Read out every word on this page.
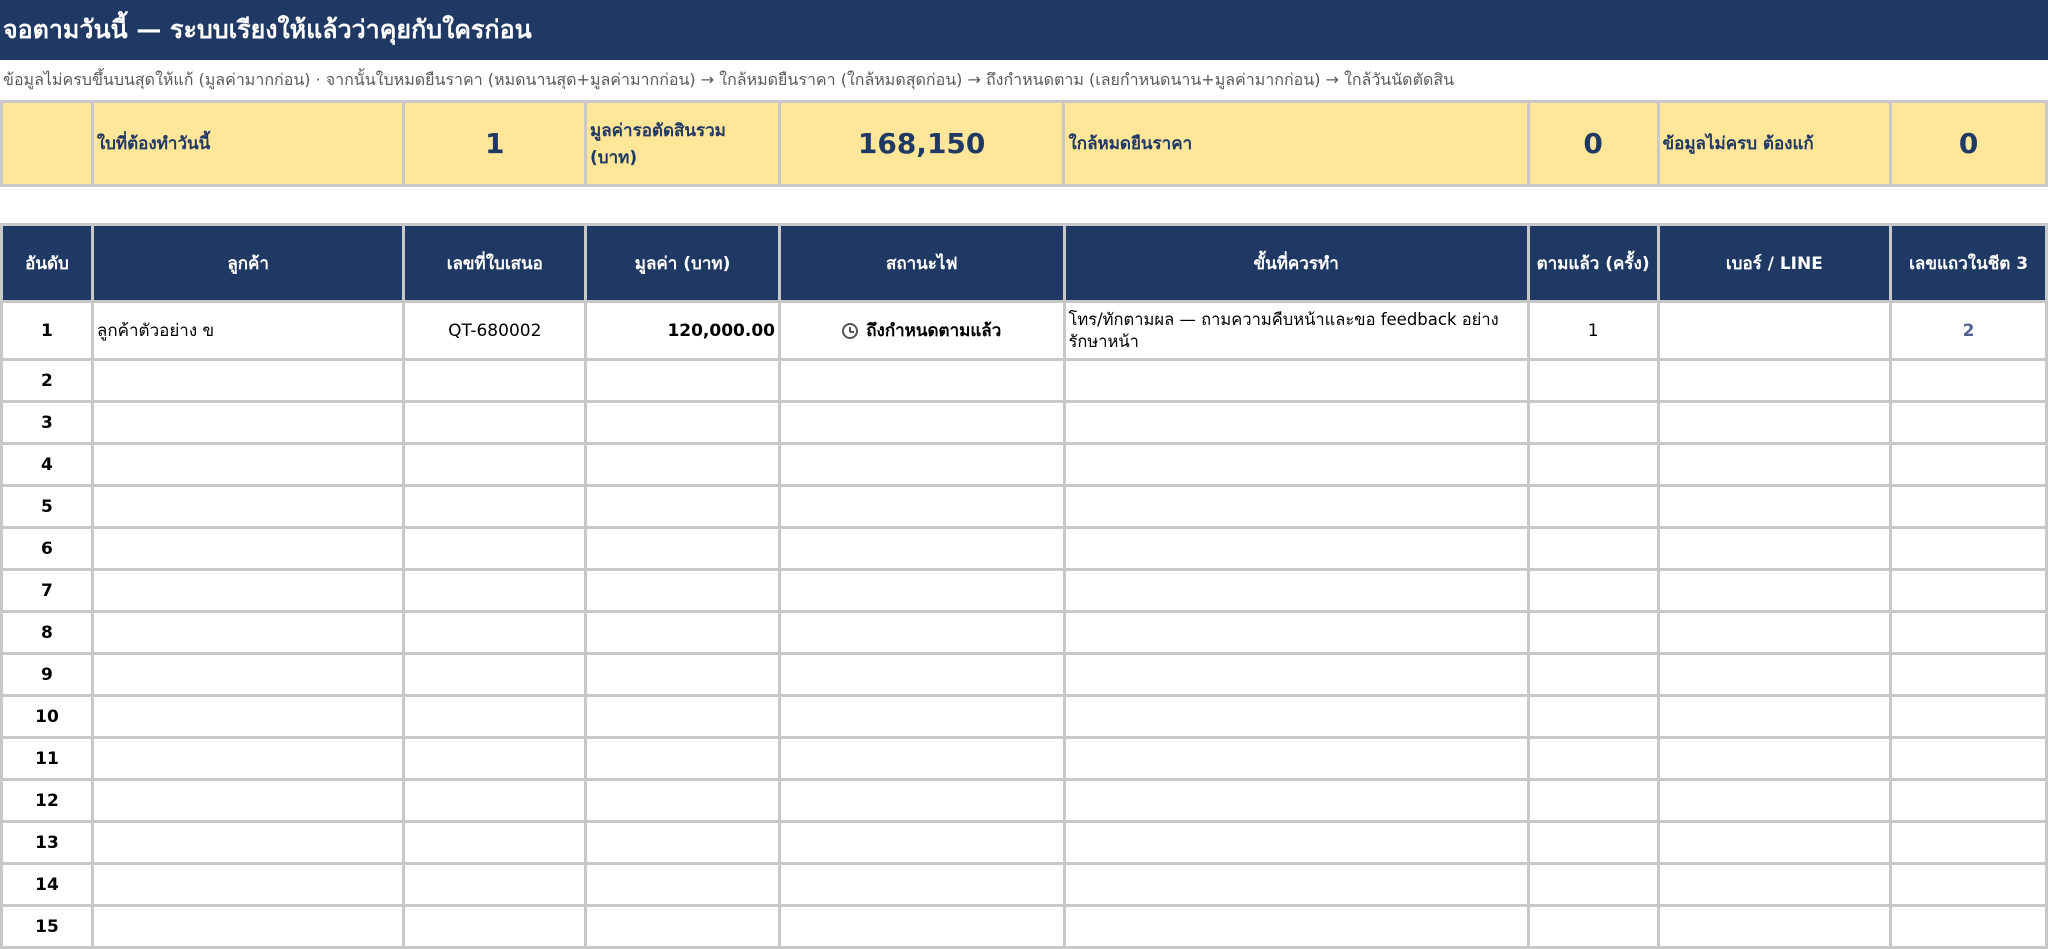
จอตามวันนี้ — ระบบเรียงให้แล้วว่าคุยกับใครก่อน
ข้อมูลไม่ครบขึ้นบนสุดให้แก้ (มูลค่ามากก่อน) · จากนั้นใบหมดยืนราคา (หมดนานสุด+มูลค่ามากก่อน) → ใกล้หมดยืนราคา (ใกล้หมดสุดก่อน) → ถึงกำหนดตาม (เลยกำหนดนาน+มูลค่ามากก่อน) → ใกล้วันนัดตัดสิน
	ใบที่ต้องทำวันนี้	1	มูลค่ารอตัดสินรวม (บาท)	168,150	ใกล้หมดยืนราคา	0	ข้อมูลไม่ครบ ต้องแก้	0
อันดับ	ลูกค้า	เลขที่ใบเสนอ	มูลค่า (บาท)	สถานะไฟ	ขั้นที่ควรทำ	ตามแล้ว (ครั้ง)	เบอร์ / LINE	เลขแถวในชีต 3
1	ลูกค้าตัวอย่าง ข	QT-680002	120,000.00	ถึงกำหนดตามแล้ว	โทร/ทักตามผล — ถามความคืบหน้าและขอ feedback อย่างรักษาหน้า	1		2
2								
3								
4								
5								
6								
7								
8								
9								
10								
11								
12								
13								
14								
15								
